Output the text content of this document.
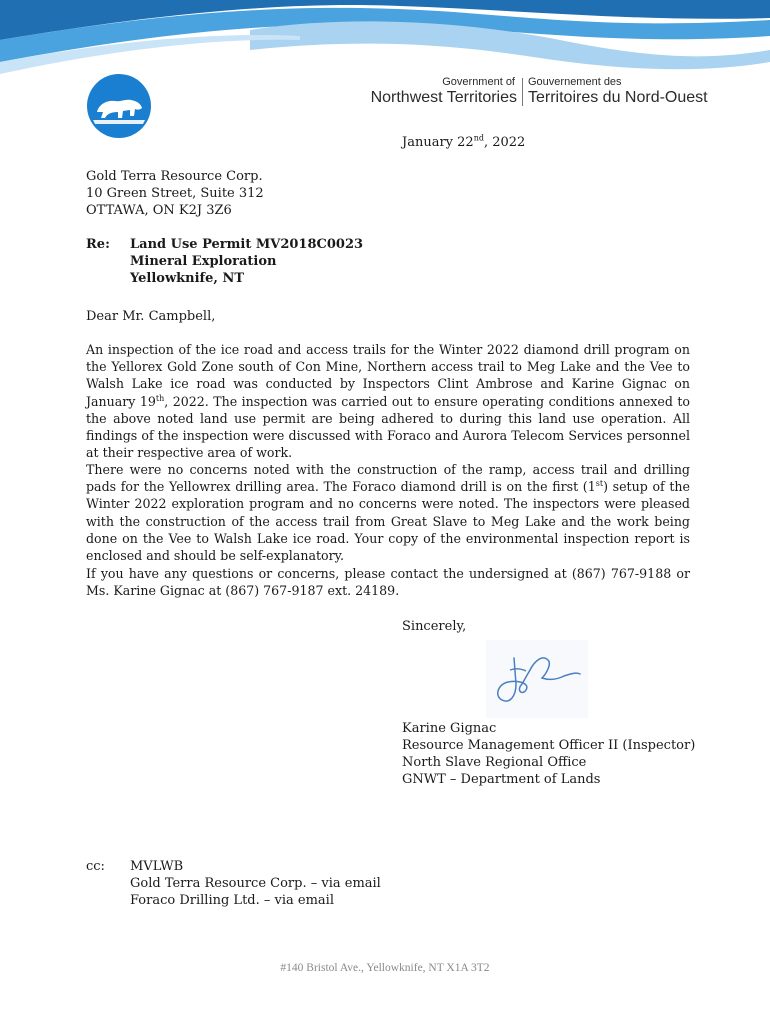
Government of
Northwest Territories
Gouvernement des
Territoires du Nord-Ouest
January 22nd, 2022
Gold Terra Resource Corp.
10 Green Street, Suite 312
OTTAWA, ON K2J 3Z6
Re: Land Use Permit MV2018C0023
Mineral Exploration
Yellowknife, NT
Dear Mr. Campbell,
An inspection of the ice road and access trails for the Winter 2022 diamond drill program on the Yellorex Gold Zone south of Con Mine, Northern access trail to Meg Lake and the Vee to Walsh Lake ice road was conducted by Inspectors Clint Ambrose and Karine Gignac on January 19th, 2022. The inspection was carried out to ensure operating conditions annexed to the above noted land use permit are being adhered to during this land use operation. All findings of the inspection were discussed with Foraco and Aurora Telecom Services personnel at their respective area of work.
There were no concerns noted with the construction of the ramp, access trail and drilling pads for the Yellowrex drilling area. The Foraco diamond drill is on the first (1st) setup of the Winter 2022 exploration program and no concerns were noted. The inspectors were pleased with the construction of the access trail from Great Slave to Meg Lake and the work being done on the Vee to Walsh Lake ice road. Your copy of the environmental inspection report is enclosed and should be self-explanatory.
If you have any questions or concerns, please contact the undersigned at (867) 767-9188 or Ms. Karine Gignac at (867) 767-9187 ext. 24189.
Sincerely,
Karine Gignac
Resource Management Officer II (Inspector)
North Slave Regional Office
GNWT – Department of Lands
cc: MVLWB
Gold Terra Resource Corp. – via email
Foraco Drilling Ltd. – via email
#140 Bristol Ave., Yellowknife, NT X1A 3T2
